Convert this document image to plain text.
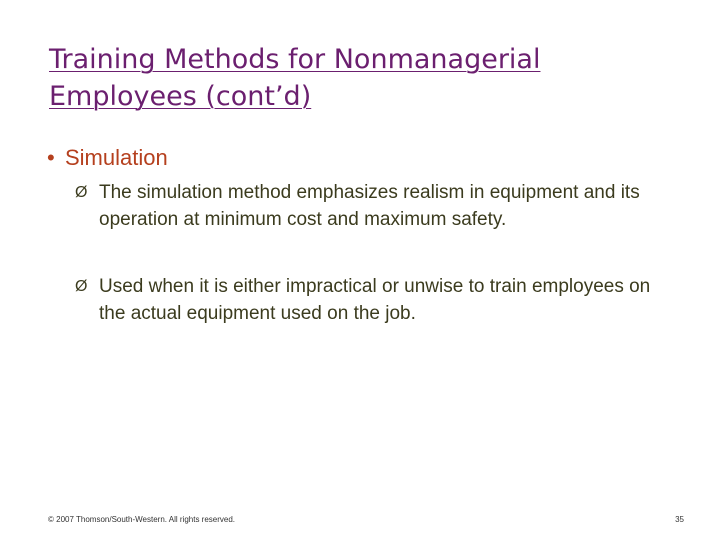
Training Methods for Nonmanagerial Employees (cont’d)
• Simulation
Ø The simulation method emphasizes realism in equipment and its operation at minimum cost and maximum safety.
Ø Used when it is either impractical or unwise to train employees on the actual equipment used on the job.
© 2007 Thomson/South-Western. All rights reserved.	35
